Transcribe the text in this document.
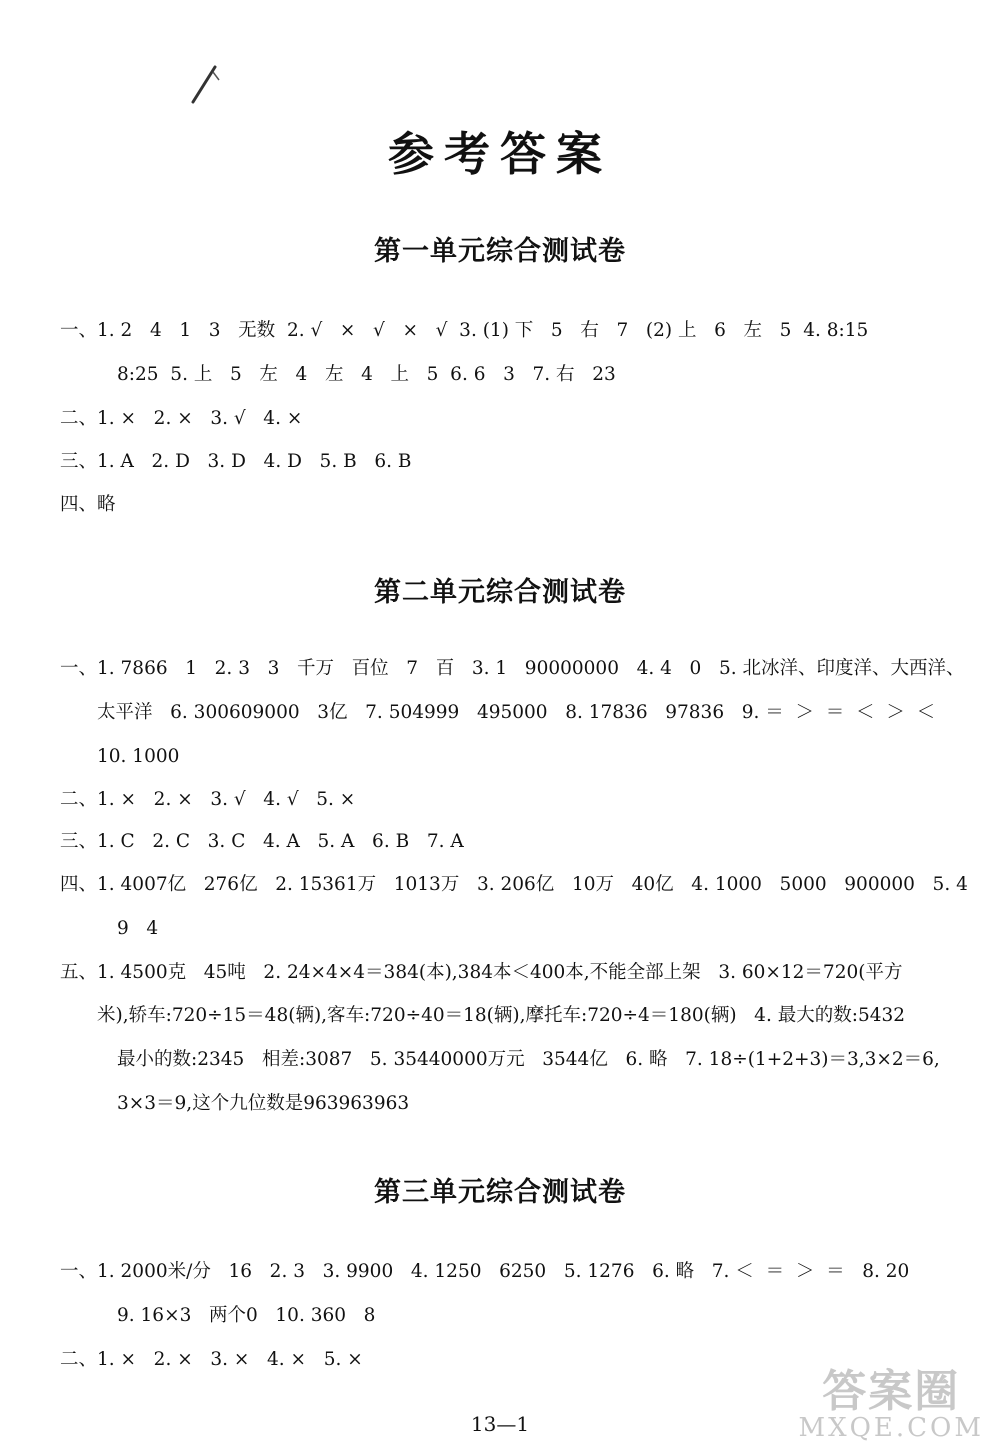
参考答案
第一单元综合测试卷
一、1. 2   4   1   3   无数  2. √   ×   √   ×   √  3. (1) 下   5   右   7   (2) 上   6   左   5  4. 8:15
8:25  5. 上   5   左   4   左   4   上   5  6. 6   3   7. 右   23
二、1. ×   2. ×   3. √   4. ×
三、1. A   2. D   3. D   4. D   5. B   6. B
四、略
第二单元综合测试卷
一、1. 7866   1   2. 3   3   千万   百位   7   百   3. 1   90000000   4. 4   0   5. 北冰洋、印度洋、大西洋、
太平洋   6. 300609000   3亿   7. 504999   495000   8. 17836   97836   9. ＝  ＞  ＝  ＜  ＞  ＜
10. 1000
二、1. ×   2. ×   3. √   4. √   5. ×
三、1. C   2. C   3. C   4. A   5. A   6. B   7. A
四、1. 4007亿   276亿   2. 15361万   1013万   3. 206亿   10万   40亿   4. 1000   5000   900000   5. 4
9   4
五、1. 4500克   45吨   2. 24×4×4＝384(本),384本＜400本,不能全部上架   3. 60×12＝720(平方
米),轿车:720÷15＝48(辆),客车:720÷40＝18(辆),摩托车:720÷4＝180(辆)   4. 最大的数:5432
最小的数:2345   相差:3087   5. 35440000万元   3544亿   6. 略   7. 18÷(1+2+3)＝3,3×2＝6,
3×3＝9,这个九位数是963963963
第三单元综合测试卷
一、1. 2000米/分   16   2. 3   3. 9900   4. 1250   6250   5. 1276   6. 略   7. ＜  ＝  ＞  ＝   8. 20
9. 16×3   两个0   10. 360   8
二、1. ×   2. ×   3. ×   4. ×   5. ×
13—1
答案圈
MXQE.COM
